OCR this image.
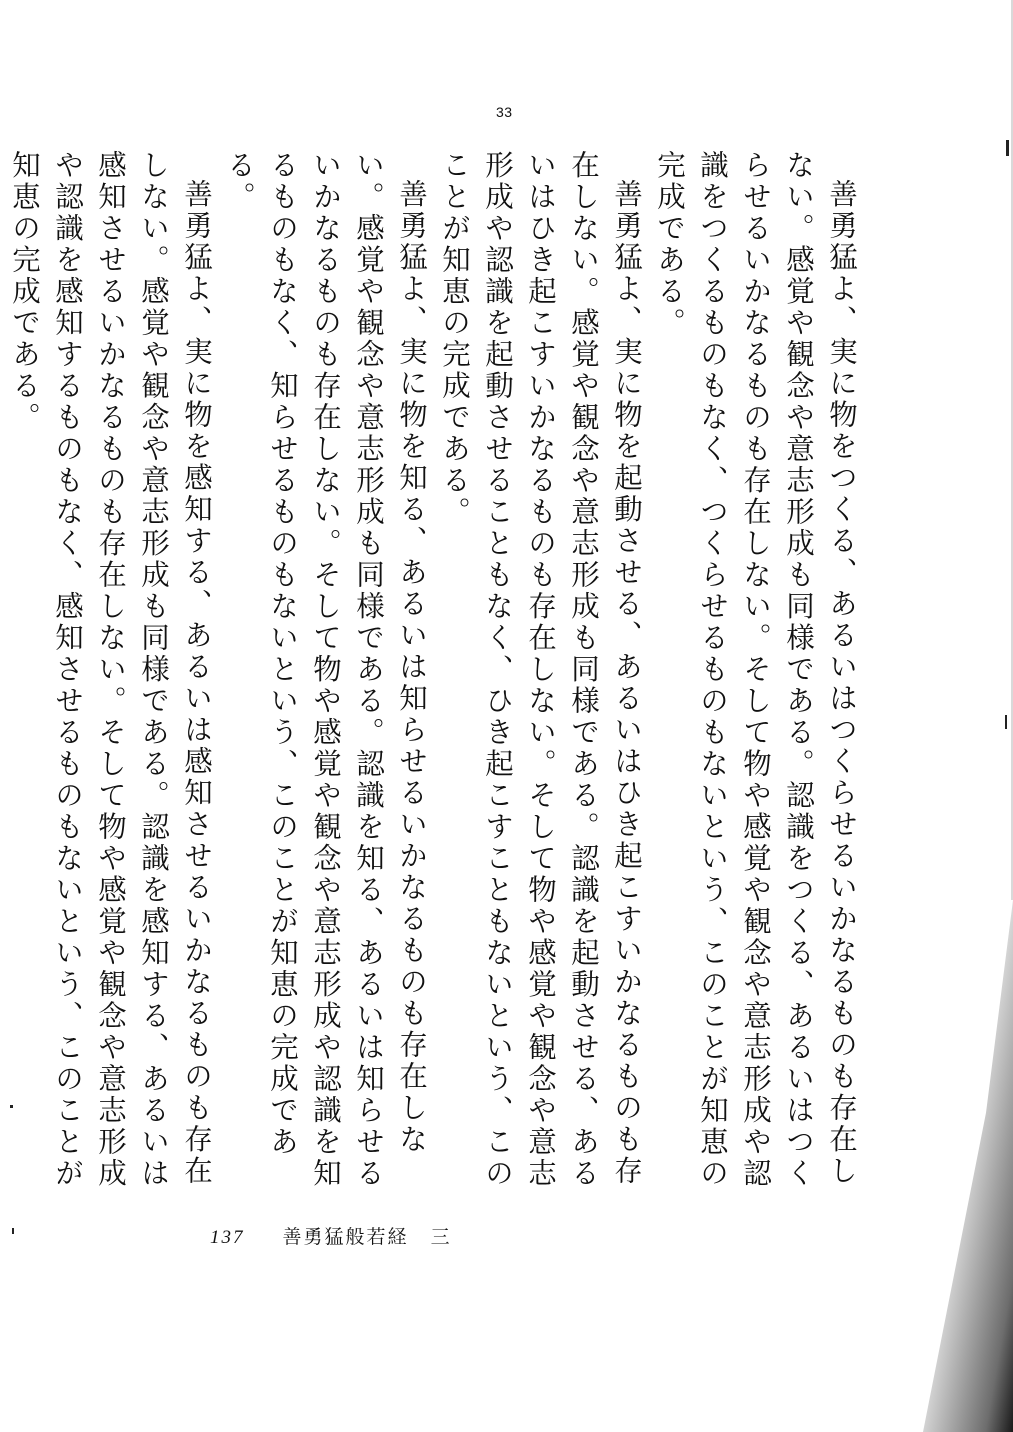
33

善勇猛よ、実に物をつくる、あるいはつくらせるいかなるものも存在しない。感覚や観念や意志形成も同様である。認識をつくる、あるいはつくらせるいかなるものも存在しない。そして物や感覚や観念や意志形成や認識をつくるものもなく、つくらせるものもないという、このことが知恵の完成である。

善勇猛よ、実に物を起動させる、あるいはひき起こすいかなるものも存在しない。感覚や観念や意志形成も同様である。認識を起動させる、あるいはひき起こすいかなるものも存在しない。そして物や感覚や観念や意志形成や認識を起動させることもなく、ひき起こすこともないという、このことが知恵の完成である。

善勇猛よ、実に物を知る、あるいは知らせるいかなるものも存在しない。感覚や観念や意志形成も同様である。認識を知る、あるいは知らせるいかなるものも存在しない。そして物や感覚や観念や意志形成や認識を知るものもなく、知らせるものもないという、このことが知恵の完成である。

善勇猛よ、実に物を感知する、あるいは感知させるいかなるものも存在しない。感覚や観念や意志形成も同様である。認識を感知する、あるいは感知させるいかなるものも存在しない。そして物や感覚や観念や意志形成や認識を感知するものもなく、感知させるものもないという、このことが知恵の完成である。

137 善勇猛般若経 三
